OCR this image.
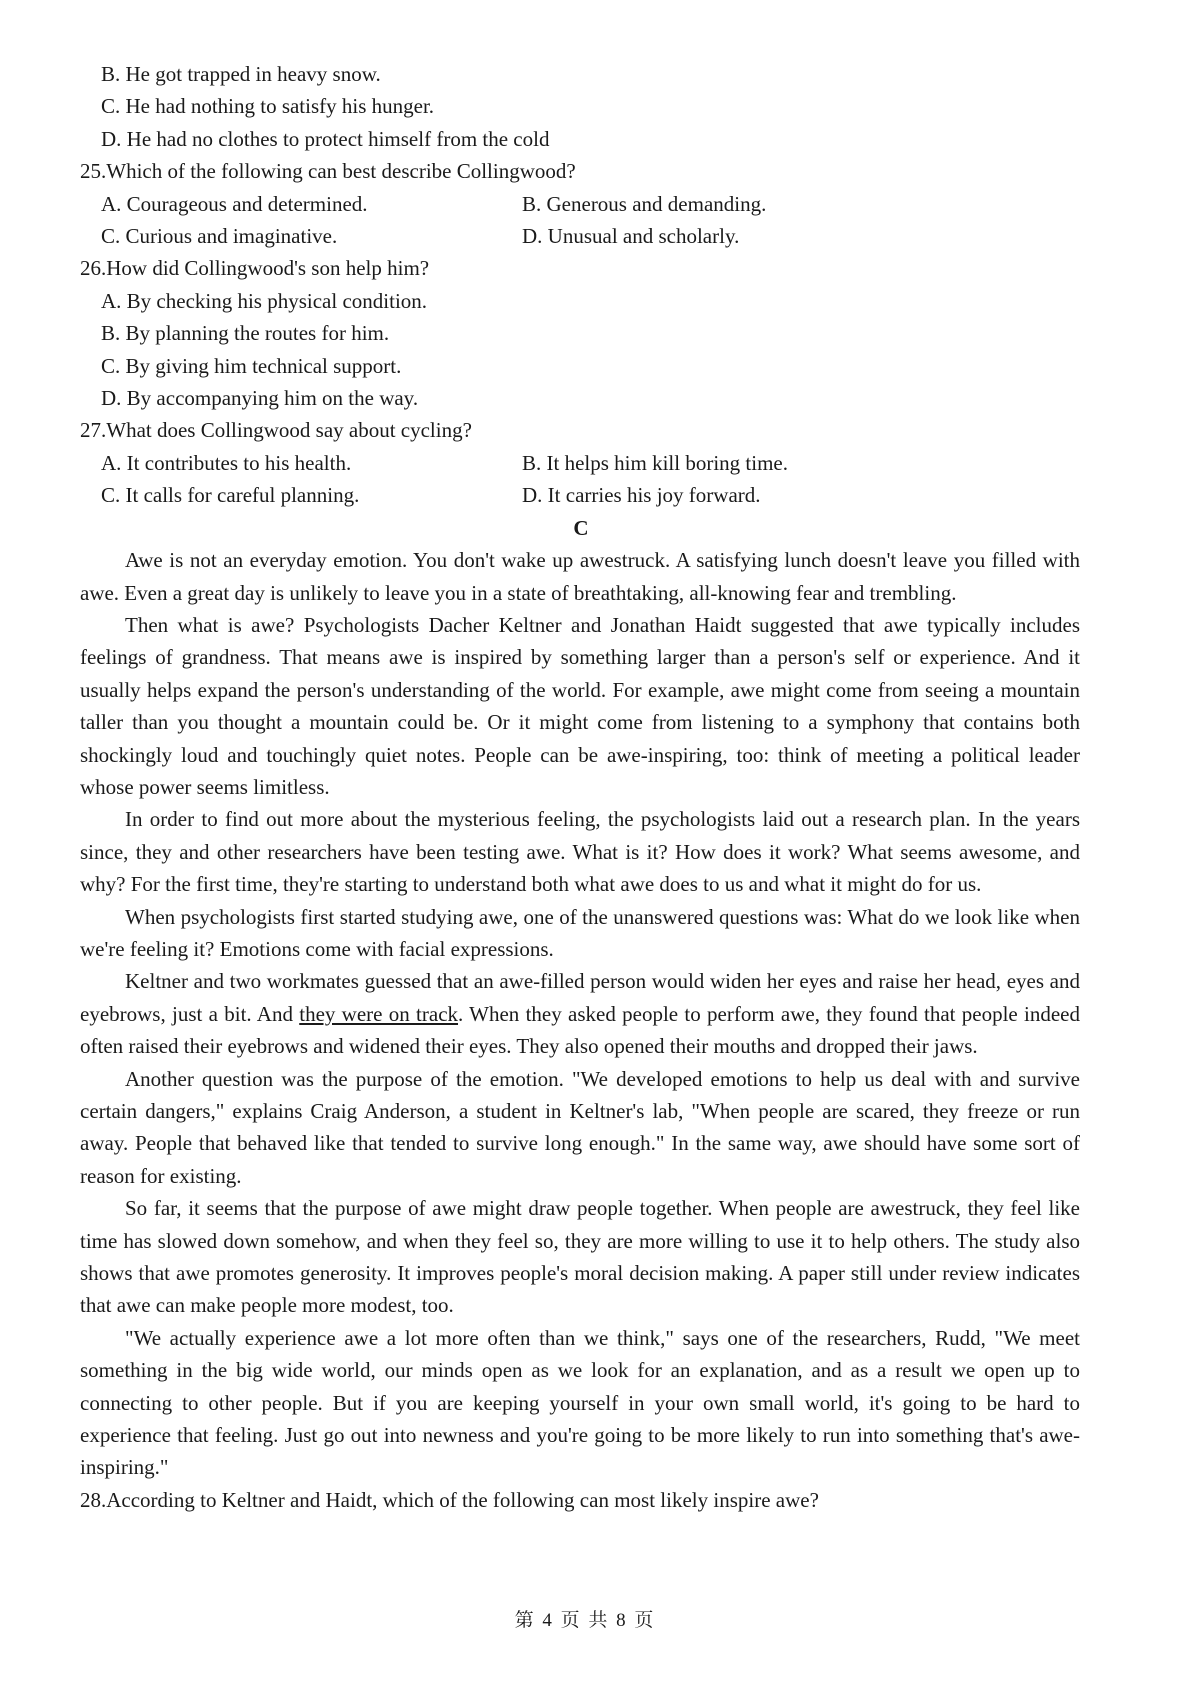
B. He got trapped in heavy snow.

C. He had nothing to satisfy his hunger.

D. He had no clothes to protect himself from the cold

25.Which of the following can best describe Collingwood?

A. Courageous and determined.	B. Generous and demanding.

C. Curious and imaginative.	D. Unusual and scholarly.

26.How did Collingwood's son help him?

A. By checking his physical condition.

B. By planning the routes for him.

C. By giving him technical support.

D. By accompanying him on the way.

27.What does Collingwood say about cycling?

A. It contributes to his health.	B. It helps him kill boring time.

C. It calls for careful planning.	D. It carries his joy forward.

C

Awe is not an everyday emotion. You don't wake up awestruck. A satisfying lunch doesn't leave you filled with awe. Even a great day is unlikely to leave you in a state of breathtaking, all-knowing fear and trembling.

Then what is awe? Psychologists Dacher Keltner and Jonathan Haidt suggested that awe typically includes feelings of grandness. That means awe is inspired by something larger than a person's self or experience. And it usually helps expand the person's understanding of the world. For example, awe might come from seeing a mountain taller than you thought a mountain could be. Or it might come from listening to a symphony that contains both shockingly loud and touchingly quiet notes. People can be awe-inspiring, too: think of meeting a political leader whose power seems limitless.

In order to find out more about the mysterious feeling, the psychologists laid out a research plan. In the years since, they and other researchers have been testing awe. What is it? How does it work? What seems awesome, and why? For the first time, they're starting to understand both what awe does to us and what it might do for us.

When psychologists first started studying awe, one of the unanswered questions was: What do we look like when we're feeling it? Emotions come with facial expressions.

Keltner and two workmates guessed that an awe-filled person would widen her eyes and raise her head, eyes and eyebrows, just a bit. And they were on track. When they asked people to perform awe, they found that people indeed often raised their eyebrows and widened their eyes. They also opened their mouths and dropped their jaws.

Another question was the purpose of the emotion. "We developed emotions to help us deal with and survive certain dangers," explains Craig Anderson, a student in Keltner's lab, "When people are scared, they freeze or run away. People that behaved like that tended to survive long enough." In the same way, awe should have some sort of reason for existing.

So far, it seems that the purpose of awe might draw people together. When people are awestruck, they feel like time has slowed down somehow, and when they feel so, they are more willing to use it to help others. The study also shows that awe promotes generosity. It improves people's moral decision making. A paper still under review indicates that awe can make people more modest, too.

"We actually experience awe a lot more often than we think," says one of the researchers, Rudd, "We meet something in the big wide world, our minds open as we look for an explanation, and as a result we open up to connecting to other people. But if you are keeping yourself in your own small world, it's going to be hard to experience that feeling. Just go out into newness and you're going to be more likely to run into something that's awe-inspiring."

28.According to Keltner and Haidt, which of the following can most likely inspire awe?

第 4 页 共 8 页
